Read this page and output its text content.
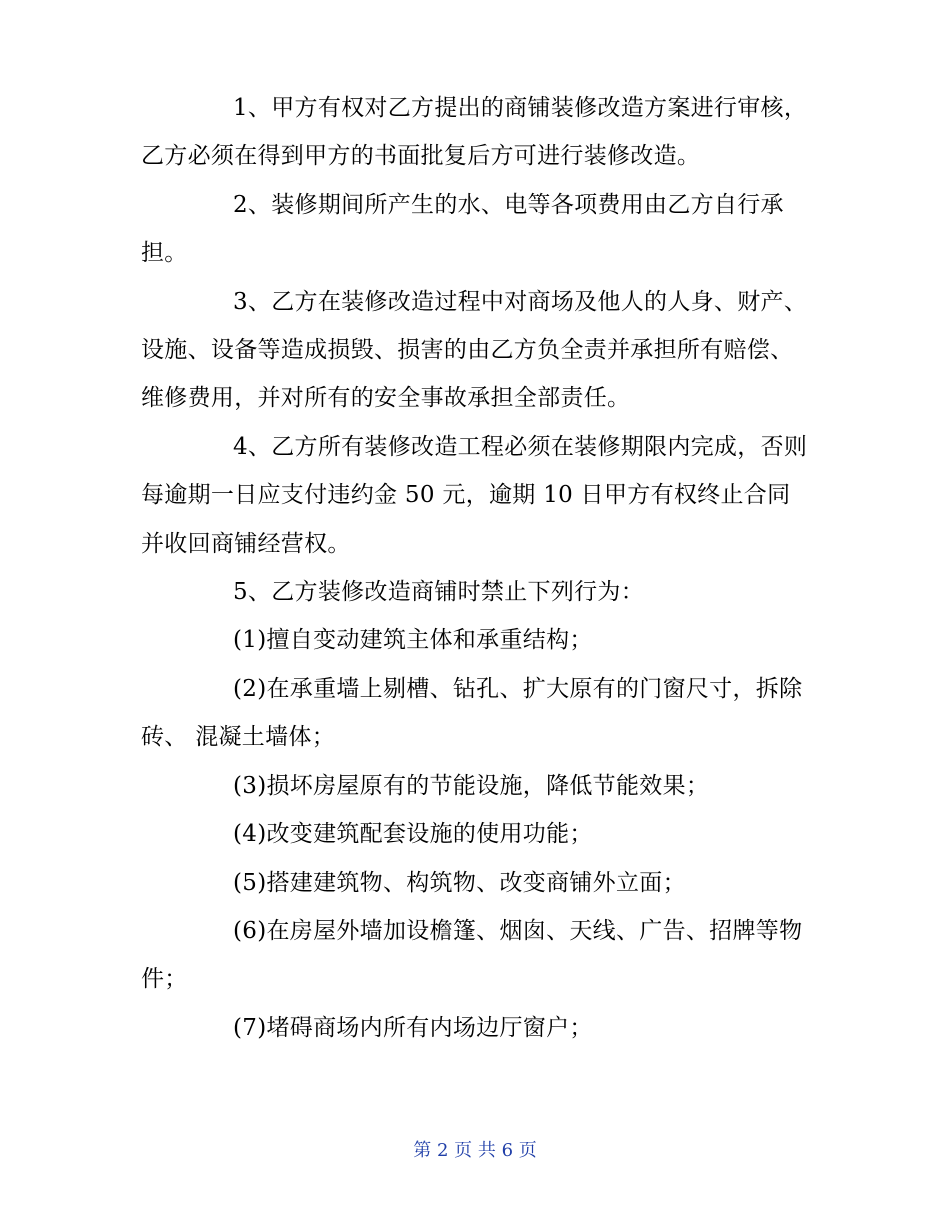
1、甲方有权对乙方提出的商铺装修改造方案进行审核，乙方必须在得到甲方的书面批复后方可进行装修改造。

2、装修期间所产生的水、电等各项费用由乙方自行承担。

3、乙方在装修改造过程中对商场及他人的人身、财产、设施、设备等造成损毁、损害的由乙方负全责并承担所有赔偿、维修费用，并对所有的安全事故承担全部责任。

4、乙方所有装修改造工程必须在装修期限内完成，否则每逾期一日应支付违约金 50 元，逾期 10 日甲方有权终止合同并收回商铺经营权。

5、乙方装修改造商铺时禁止下列行为：

(1)擅自变动建筑主体和承重结构；

(2)在承重墙上剔槽、钻孔、扩大原有的门窗尺寸，拆除砖、 混凝土墙体；

(3)损坏房屋原有的节能设施，降低节能效果；

(4)改变建筑配套设施的使用功能；

(5)搭建建筑物、构筑物、改变商铺外立面；

(6)在房屋外墙加设檐篷、烟囱、天线、广告、招牌等物件；

(7)堵碍商场内所有内场边厅窗户；

第 2 页 共 6 页
